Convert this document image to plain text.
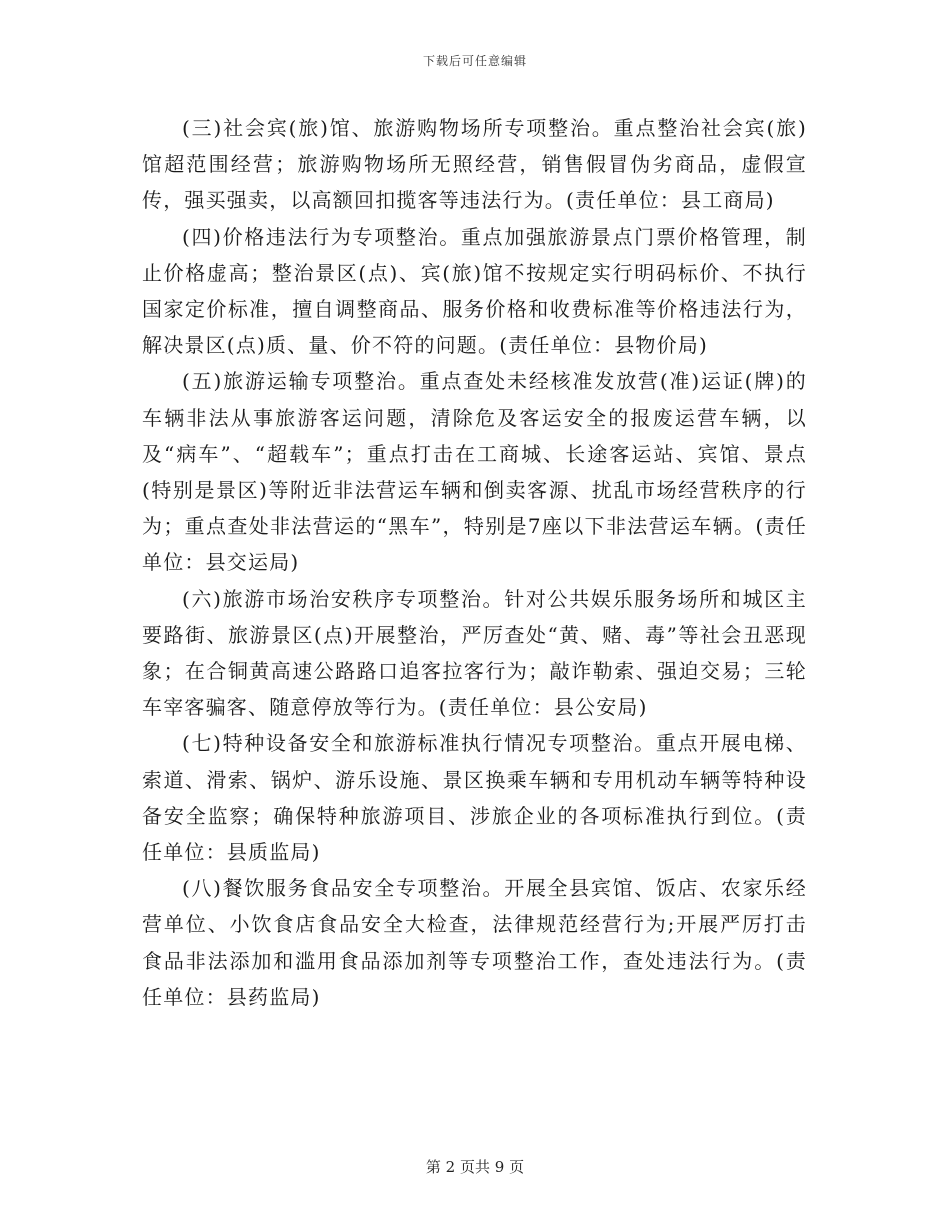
下载后可任意编辑

(三)社会宾(旅)馆、旅游购物场所专项整治。重点整治社会宾(旅)馆超范围经营；旅游购物场所无照经营，销售假冒伪劣商品，虚假宣传，强买强卖，以高额回扣揽客等违法行为。(责任单位：县工商局)

(四)价格违法行为专项整治。重点加强旅游景点门票价格管理，制止价格虚高；整治景区(点)、宾(旅)馆不按规定实行明码标价、不执行国家定价标准，擅自调整商品、服务价格和收费标准等价格违法行为，解决景区(点)质、量、价不符的问题。(责任单位：县物价局)

(五)旅游运输专项整治。重点查处未经核准发放营(准)运证(牌)的车辆非法从事旅游客运问题，清除危及客运安全的报废运营车辆，以及“病车”、“超载车”；重点打击在工商城、长途客运站、宾馆、景点(特别是景区)等附近非法营运车辆和倒卖客源、扰乱市场经营秩序的行为；重点查处非法营运的“黑车”，特别是7座以下非法营运车辆。(责任单位：县交运局)

(六)旅游市场治安秩序专项整治。针对公共娱乐服务场所和城区主要路街、旅游景区(点)开展整治，严厉查处“黄、赌、毒”等社会丑恶现象；在合铜黄高速公路路口追客拉客行为；敲诈勒索、强迫交易；三轮车宰客骗客、随意停放等行为。(责任单位：县公安局)

(七)特种设备安全和旅游标准执行情况专项整治。重点开展电梯、索道、滑索、锅炉、游乐设施、景区换乘车辆和专用机动车辆等特种设备安全监察；确保特种旅游项目、涉旅企业的各项标准执行到位。(责任单位：县质监局)

(八)餐饮服务食品安全专项整治。开展全县宾馆、饭店、农家乐经营单位、小饮食店食品安全大检查，法律规范经营行为;开展严厉打击食品非法添加和滥用食品添加剂等专项整治工作，查处违法行为。(责任单位：县药监局)

第 2 页共 9 页
